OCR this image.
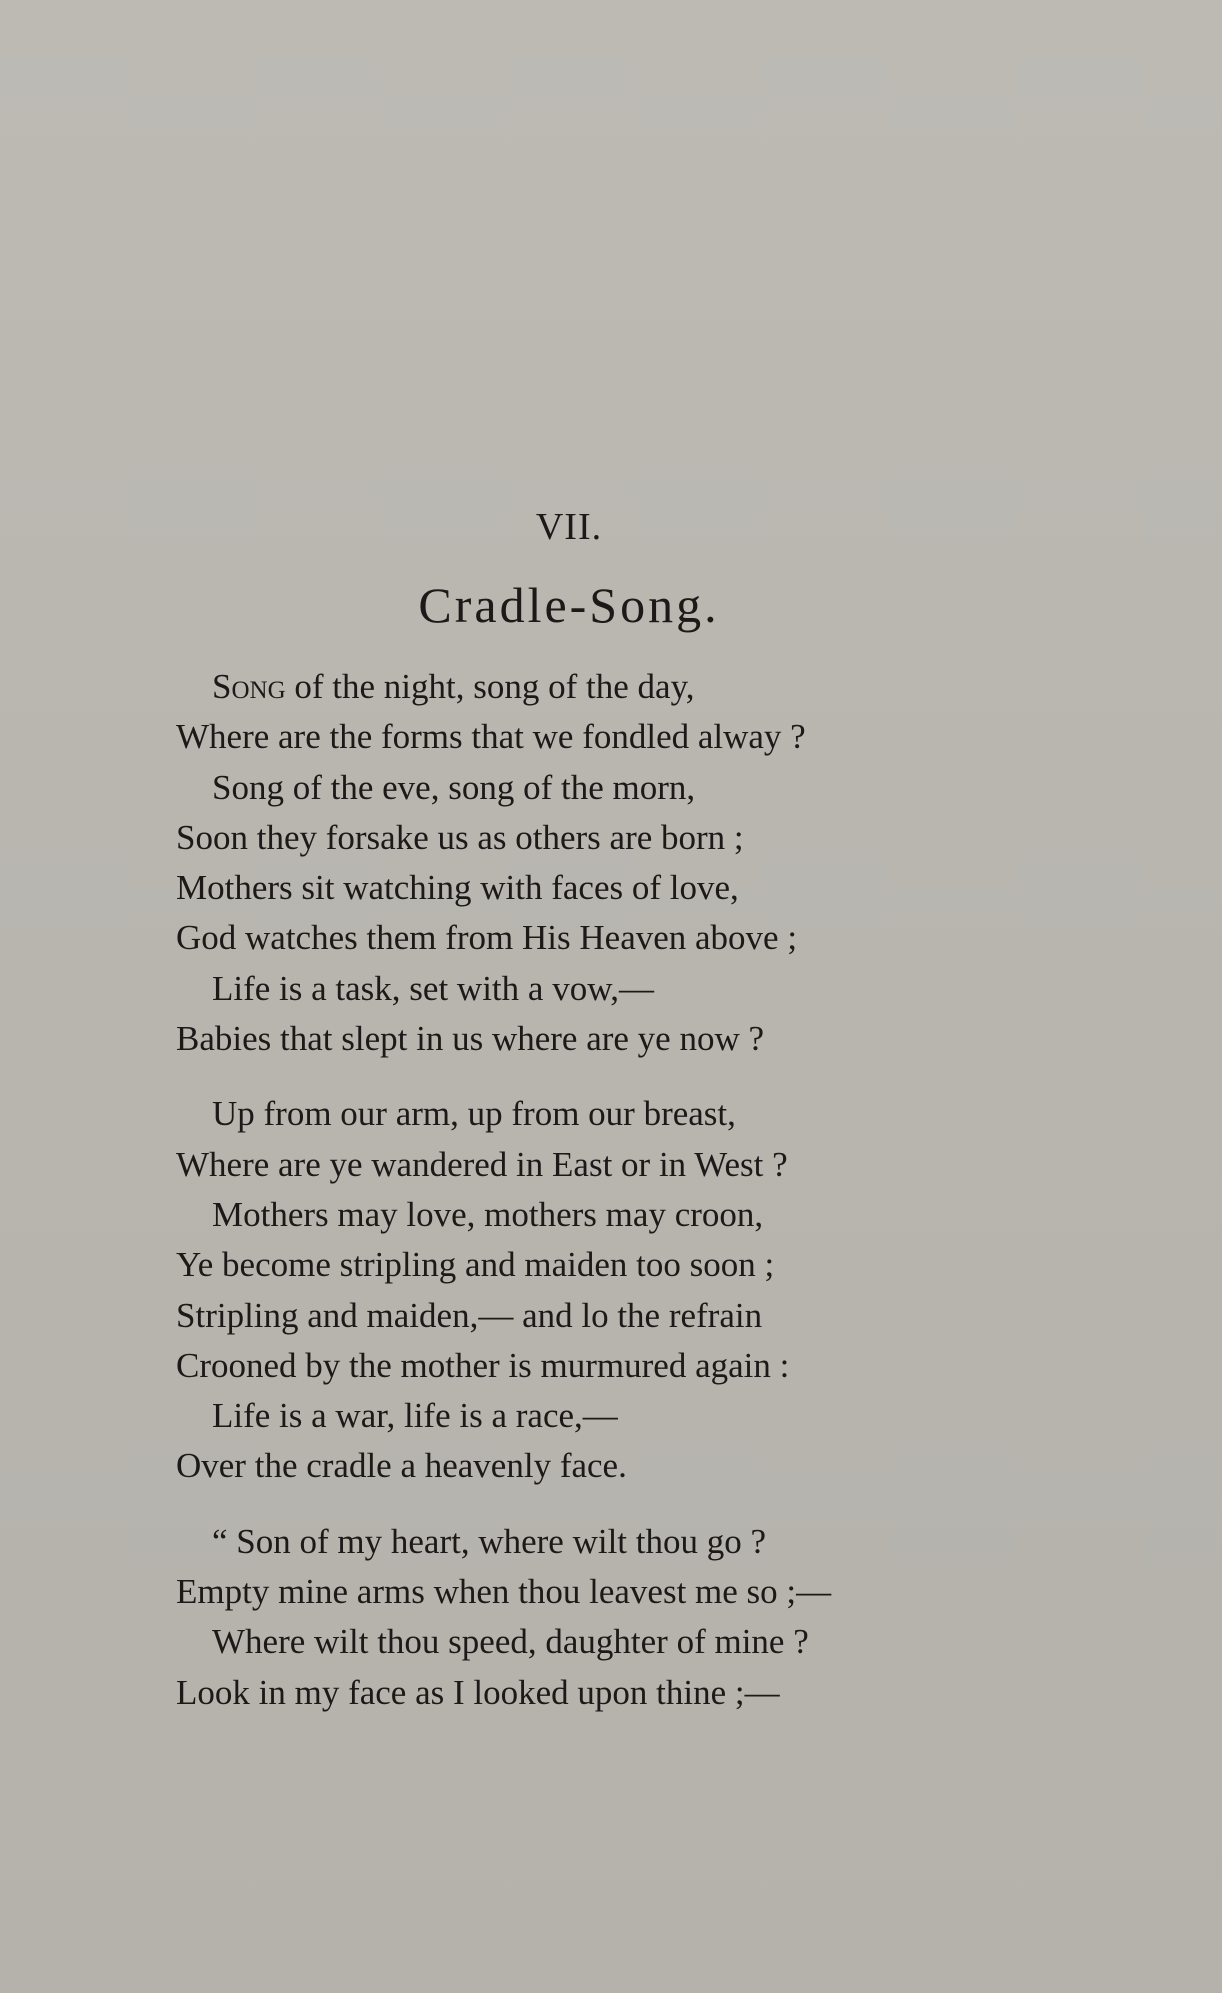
VII.
Cradle-Song.
Song of the night, song of the day,
Where are the forms that we fondled alway ?
Song of the eve, song of the morn,
Soon they forsake us as others are born ;
Mothers sit watching with faces of love,
God watches them from His Heaven above ;
Life is a task, set with a vow,—
Babies that slept in us where are ye now ?
Up from our arm, up from our breast,
Where are ye wandered in East or in West ?
Mothers may love, mothers may croon,
Ye become stripling and maiden too soon ;
Stripling and maiden,— and lo the refrain
Crooned by the mother is murmured again :
Life is a war, life is a race,—
Over the cradle a heavenly face.
“ Son of my heart, where wilt thou go ?
Empty mine arms when thou leavest me so ;—
Where wilt thou speed, daughter of mine ?
Look in my face as I looked upon thine ;—
